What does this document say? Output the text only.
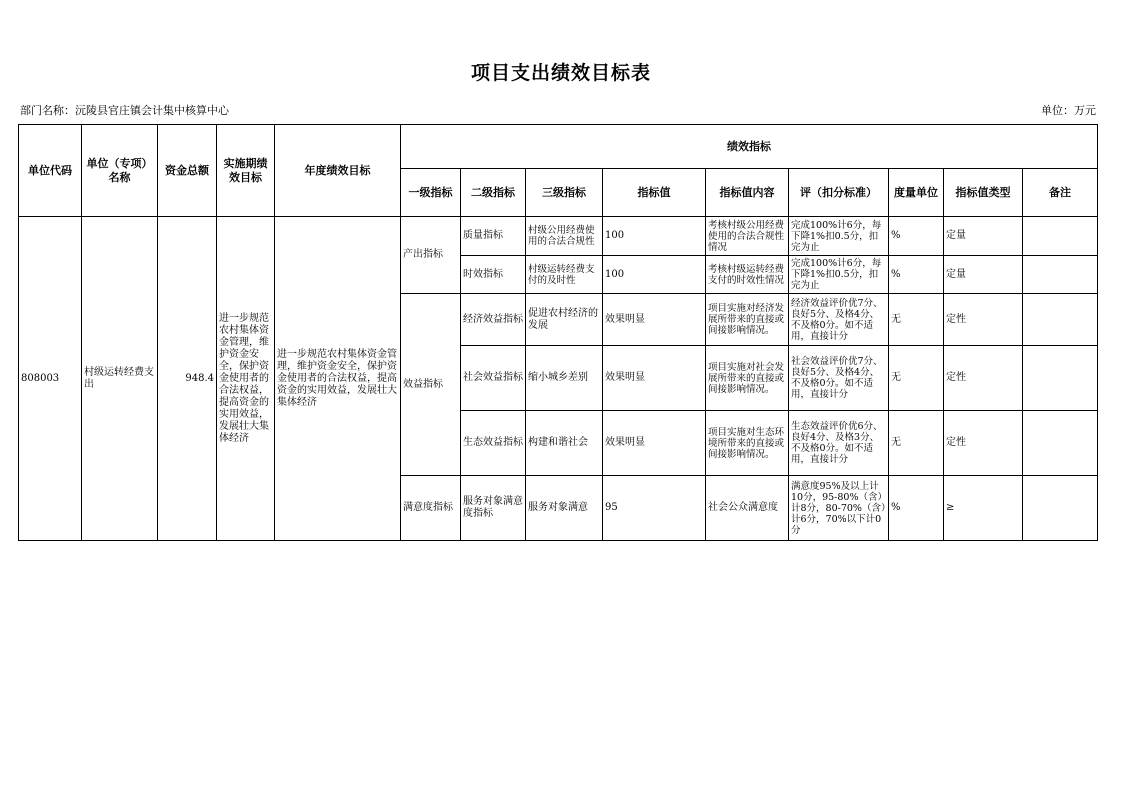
项目支出绩效目标表
部门名称：沅陵县官庄镇会计集中核算中心	单位：万元
单位代码	单位（专项）名称	资金总额	实施期绩效目标	年度绩效目标	绩效指标								
					一级指标	二级指标	三级指标	指标值	指标值内容	评（扣分标准）	度量单位	指标值类型	备注
808003	村级运转经费支出	948.4	进一步规范农村集体资金管理，维护资金安全，保护资金使用者的合法权益，提高资金的实用效益，发展壮大集体经济	进一步规范农村集体资金管理，维护资金安全，保护资金使用者的合法权益，提高资金的实用效益，发展壮大集体经济	产出指标	质量指标	村级公用经费使用的合法合规性	100	考核村级公用经费使用的合法合规性情况	完成100%计6分，每下降1%扣0.5分，扣完为止	%	定量	
						时效指标	村级运转经费支付的及时性	100	考核村级运转经费支付的时效性情况	完成100%计6分，每下降1%扣0.5分，扣完为止	%	定量	
					效益指标	经济效益指标	促进农村经济的发展	效果明显	项目实施对经济发展所带来的直接或间接影响情况。	经济效益评价优7分、良好5分、及格4分、不及格0分。如不适用，直接计分	无	定性	
						社会效益指标	缩小城乡差别	效果明显	项目实施对社会发展所带来的直接或间接影响情况。	社会效益评价优7分、良好5分、及格4分、不及格0分。如不适用，直接计分	无	定性	
						生态效益指标	构建和谐社会	效果明显	项目实施对生态环境所带来的直接或间接影响情况。	生态效益评价优6分、良好4分、及格3分、不及格0分。如不适用，直接计分	无	定性	
					满意度指标	服务对象满意度指标	服务对象满意	95	社会公众满意度	满意度95%及以上计10分，95-80%（含）计8分，80-70%（含）计6分，70%以下计0分	%	≥	
